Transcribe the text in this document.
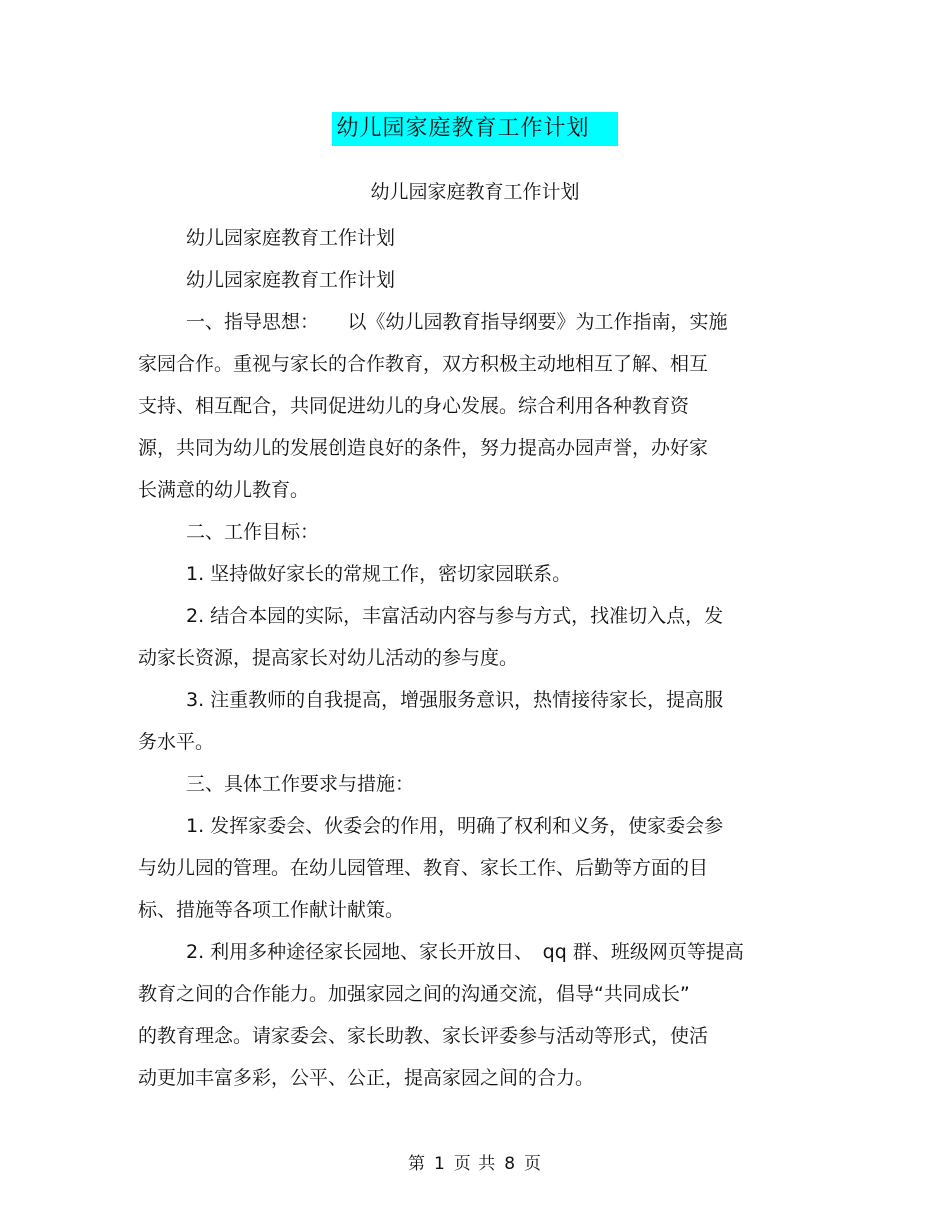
幼儿园家庭教育工作计划
幼儿园家庭教育工作计划
幼儿园家庭教育工作计划
幼儿园家庭教育工作计划
一、指导思想：　　以《幼儿园教育指导纲要》为工作指南，实施
家园合作。重视与家长的合作教育，双方积极主动地相互了解、相互
支持、相互配合，共同促进幼儿的身心发展。综合利用各种教育资
源，共同为幼儿的发展创造良好的条件，努力提高办园声誉，办好家
长满意的幼儿教育。
二、工作目标：
1. 坚持做好家长的常规工作，密切家园联系。
2. 结合本园的实际，丰富活动内容与参与方式，找准切入点，发
动家长资源，提高家长对幼儿活动的参与度。
3. 注重教师的自我提高，增强服务意识，热情接待家长，提高服
务水平。
三、具体工作要求与措施：
1. 发挥家委会、伙委会的作用，明确了权利和义务，使家委会参
与幼儿园的管理。在幼儿园管理、教育、家长工作、后勤等方面的目
标、措施等各项工作献计献策。
2. 利用多种途径家长园地、家长开放日、　qq 群、班级网页等提高
教育之间的合作能力。加强家园之间的沟通交流，倡导“共同成长”
的教育理念。请家委会、家长助教、家长评委参与活动等形式，使活
动更加丰富多彩，公平、公正，提高家园之间的合力。
第 1 页 共 8 页
